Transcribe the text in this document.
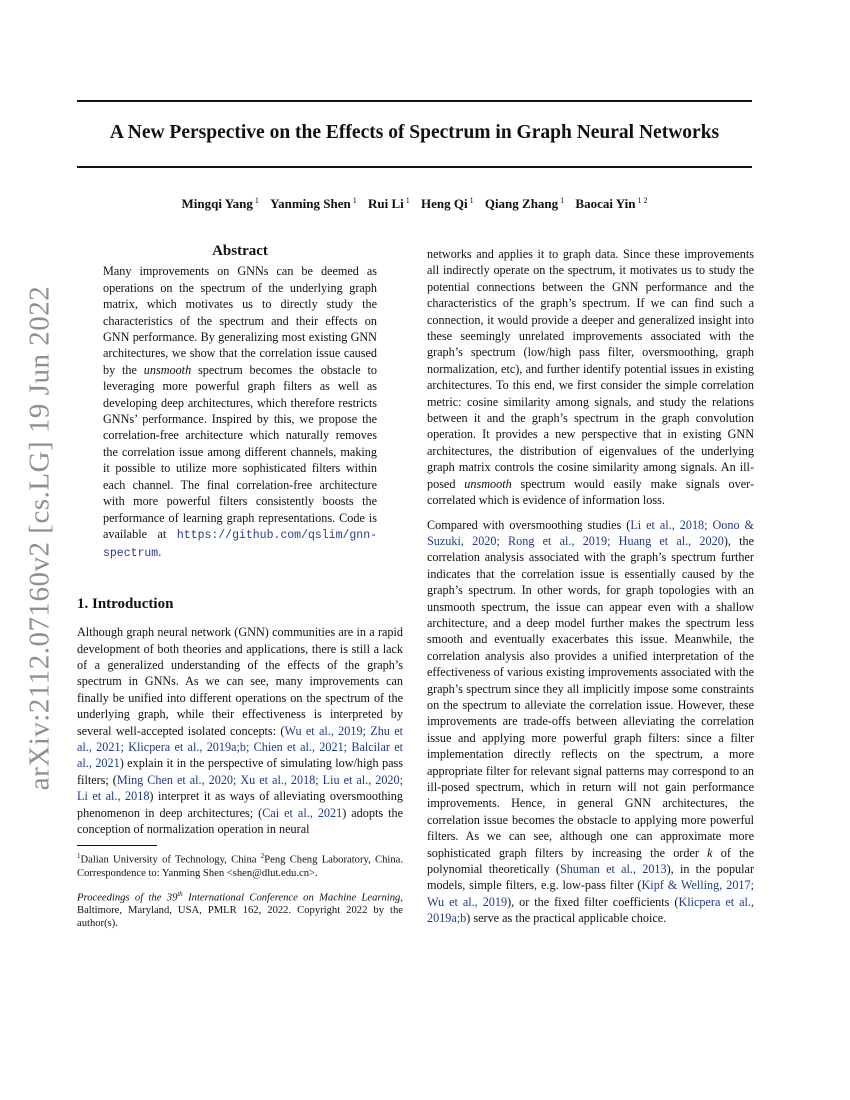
arXiv:2112.07160v2 [cs.LG] 19 Jun 2022
A New Perspective on the Effects of Spectrum in Graph Neural Networks
Mingqi Yang $^1$ Yanming Shen $^1$ Rui Li $^1$ Heng Qi $^1$ Qiang Zhang $^1$ Baocai Yin $^{1 2}$
Abstract

Many improvements on GNNs can be deemed as operations on the spectrum of the underlying graph matrix, which motivates us to directly study the characteristics of the spectrum and their effects on GNN performance. By generalizing most existing GNN architectures, we show that the correlation issue caused by the unsmooth spectrum becomes the obstacle to leveraging more powerful graph filters as well as developing deep architectures, which therefore restricts GNNs’ performance. Inspired by this, we propose the correlation-free architecture which naturally removes the correlation issue among different channels, making it possible to utilize more sophisticated filters within each channel. The final correlation-free architecture with more powerful filters consistently boosts the performance of learning graph representations. Code is available at https://github.com/qslim/gnn-spectrum.

1. Introduction

Although graph neural network (GNN) communities are in a rapid development of both theories and applications, there is still a lack of a generalized understanding of the effects of the graph’s spectrum in GNNs. As we can see, many improvements can finally be unified into different operations on the spectrum of the underlying graph, while their effectiveness is interpreted by several well-accepted isolated concepts: (Wu et al., 2019; Zhu et al., 2021; Klicpera et al., 2019a;b; Chien et al., 2021; Balcilar et al., 2021) explain it in the perspective of simulating low/high pass filters; (Ming Chen et al., 2020; Xu et al., 2018; Liu et al., 2020; Li et al., 2018) interpret it as ways of alleviating oversmoothing phenomenon in deep architectures; (Cai et al., 2021) adopts the conception of normalization operation in neural

$^1$Dalian University of Technology, China $^2$Peng Cheng Laboratory, China. Correspondence to: Yanming Shen <shen@dlut.edu.cn>.

Proceedings of the 39th International Conference on Machine Learning, Baltimore, Maryland, USA, PMLR 162, 2022. Copyright 2022 by the author(s).

networks and applies it to graph data. Since these improvements all indirectly operate on the spectrum, it motivates us to study the potential connections between the GNN performance and the characteristics of the graph’s spectrum. If we can find such a connection, it would provide a deeper and generalized insight into these seemingly unrelated improvements associated with the graph’s spectrum (low/high pass filter, oversmoothing, graph normalization, etc), and further identify potential issues in existing architectures. To this end, we first consider the simple correlation metric: cosine similarity among signals, and study the relations between it and the graph’s spectrum in the graph convolution operation. It provides a new perspective that in existing GNN architectures, the distribution of eigenvalues of the underlying graph matrix controls the cosine similarity among signals. An ill-posed unsmooth spectrum would easily make signals over-correlated which is evidence of information loss.

Compared with oversmoothing studies (Li et al., 2018; Oono & Suzuki, 2020; Rong et al., 2019; Huang et al., 2020), the correlation analysis associated with the graph’s spectrum further indicates that the correlation issue is essentially caused by the graph’s spectrum. In other words, for graph topologies with an unsmooth spectrum, the issue can appear even with a shallow architecture, and a deep model further makes the spectrum less smooth and eventually exacerbates this issue. Meanwhile, the correlation analysis also provides a unified interpretation of the effectiveness of various existing improvements associated with the graph’s spectrum since they all implicitly impose some constraints on the spectrum to alleviate the correlation issue. However, these improvements are trade-offs between alleviating the correlation issue and applying more powerful graph filters: since a filter implementation directly reflects on the spectrum, a more appropriate filter for relevant signal patterns may correspond to an ill-posed spectrum, which in return will not gain performance improvements. Hence, in general GNN architectures, the correlation issue becomes the obstacle to applying more powerful filters. As we can see, although one can approximate more sophisticated graph filters by increasing the order k of the polynomial theoretically (Shuman et al., 2013), in the popular models, simple filters, e.g. low-pass filter (Kipf & Welling, 2017; Wu et al., 2019), or the fixed filter coefficients (Klicpera et al., 2019a;b) serve as the practical applicable choice.
